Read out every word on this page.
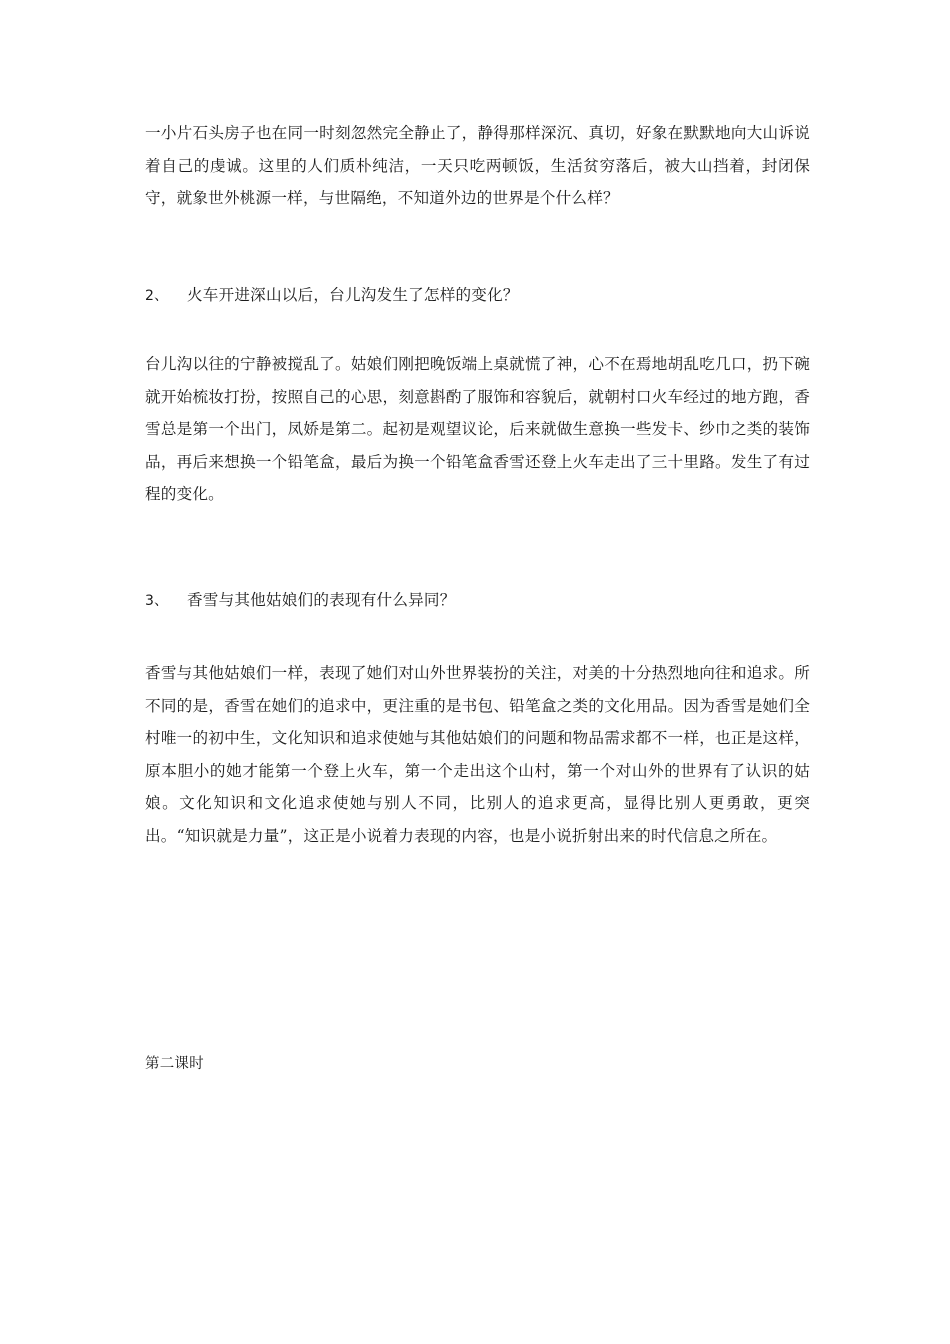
一小片石头房子也在同一时刻忽然完全静止了，静得那样深沉、真切，好象在默默地向大山诉说着自己的虔诚。这里的人们质朴纯洁，一天只吃两顿饭，生活贫穷落后，被大山挡着，封闭保守，就象世外桃源一样，与世隔绝，不知道外边的世界是个什么样？

2、 火车开进深山以后，台儿沟发生了怎样的变化？

台儿沟以往的宁静被搅乱了。姑娘们刚把晚饭端上桌就慌了神，心不在焉地胡乱吃几口，扔下碗就开始梳妆打扮，按照自己的心思，刻意斟酌了服饰和容貌后，就朝村口火车经过的地方跑，香雪总是第一个出门，凤娇是第二。起初是观望议论，后来就做生意换一些发卡、纱巾之类的装饰品，再后来想换一个铅笔盒，最后为换一个铅笔盒香雪还登上火车走出了三十里路。发生了有过程的变化。

3、 香雪与其他姑娘们的表现有什么异同？

香雪与其他姑娘们一样，表现了她们对山外世界装扮的关注，对美的十分热烈地向往和追求。所不同的是，香雪在她们的追求中，更注重的是书包、铅笔盒之类的文化用品。因为香雪是她们全村唯一的初中生，文化知识和追求使她与其他姑娘们的问题和物品需求都不一样，也正是这样，原本胆小的她才能第一个登上火车，第一个走出这个山村，第一个对山外的世界有了认识的姑娘。文化知识和文化追求使她与别人不同，比别人的追求更高，显得比别人更勇敢，更突出。“知识就是力量”，这正是小说着力表现的内容，也是小说折射出来的时代信息之所在。

第二课时
